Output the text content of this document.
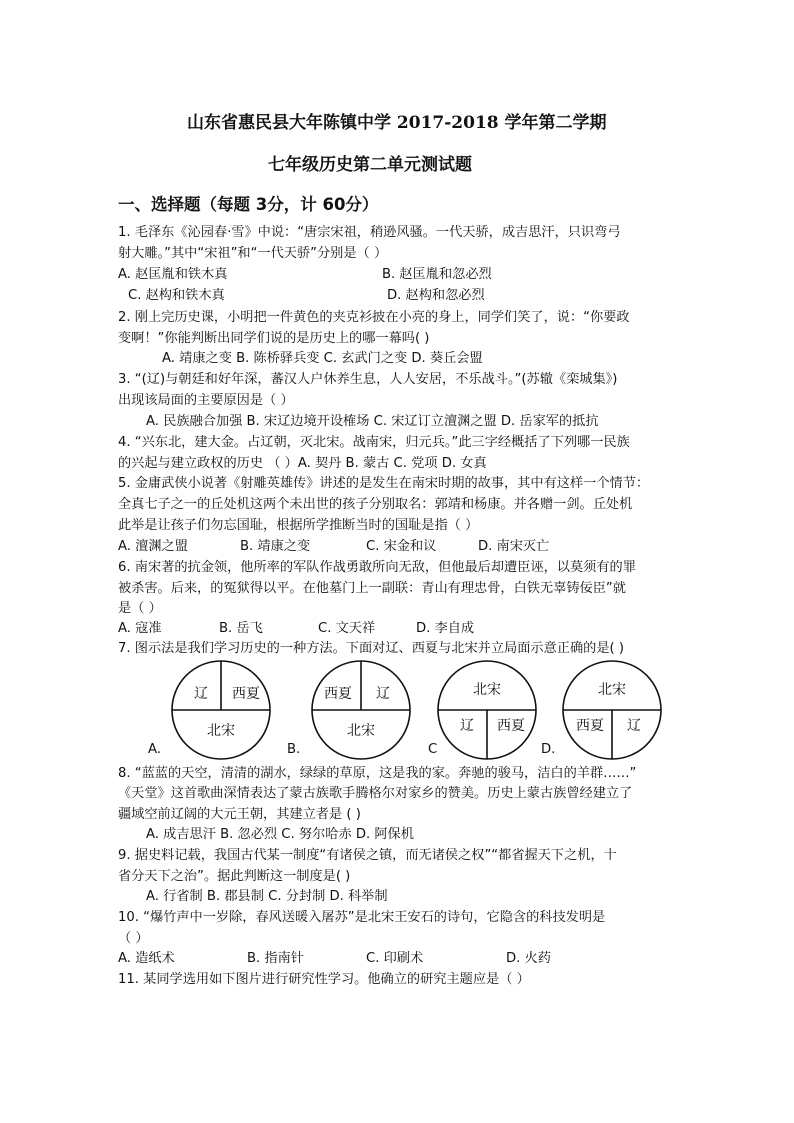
山东省惠民县大年陈镇中学 2017-2018 学年第二学期
七年级历史第二单元测试题
一、选择题（每题 3分，计 60分）
1. 毛泽东《沁园春·雪》中说：“唐宗宋祖，稍逊风骚。一代天骄，成吉思汗，只识弯弓
射大雕。”其中“宋祖”和“一代天骄”分别是（ ）
A. 赵匡胤和铁木真	B. 赵匡胤和忽必烈
C. 赵构和铁木真	D. 赵构和忽必烈
2. 刚上完历史课，小明把一件黄色的夹克衫披在小亮的身上，同学们笑了，说：“你要政
变啊！”你能判断出同学们说的是历史上的哪一幕吗( )
A. 靖康之变 B. 陈桥驿兵变 C. 玄武门之变 D. 葵丘会盟
3. “(辽)与朝廷和好年深，蕃汉人户休养生息，人人安居，不乐战斗。”(苏辙《栾城集》)
出现该局面的主要原因是（ ）
A. 民族融合加强 B. 宋辽边境开设榷场 C. 宋辽订立澶渊之盟 D. 岳家军的抵抗
4. “兴东北，建大金。占辽朝，灭北宋。战南宋，归元兵。”此三字经概括了下列哪一民族
的兴起与建立政权的历史 （ ）A. 契丹 B. 蒙古 C. 党项 D. 女真
5. 金庸武侠小说著《射雕英雄传》讲述的是发生在南宋时期的故事，其中有这样一个情节：
全真七子之一的丘处机这两个未出世的孩子分别取名：郭靖和杨康。并各赠一剑。丘处机
此举是让孩子们勿忘国耻，根据所学推断当时的国耻是指（ ）
A. 澶渊之盟	B. 靖康之变	C. 宋金和议	D. 南宋灭亡
6. 南宋著的抗金领，他所率的军队作战勇敢所向无敌，但他最后却遭臣诬，以莫须有的罪
被杀害。后来，的冤狱得以平。在他墓门上一副联：青山有理忠骨，白铁无辜铸佞臣”就
是（ ）
A. 寇准	B. 岳飞	C. 文天祥	D. 李自成
7. 图示法是我们学习历史的一种方法。下面对辽、西夏与北宋并立局面示意正确的是( )
辽 西夏
北宋
西夏 辽
北宋
北宋
辽 西夏
北宋
西夏 辽
A.	B.	C	D.
8. “蓝蓝的天空，清清的湖水，绿绿的草原，这是我的家。奔驰的骏马，洁白的羊群……”
《天堂》这首歌曲深情表达了蒙古族歌手腾格尔对家乡的赞美。历史上蒙古族曾经建立了
疆域空前辽阔的大元王朝，其建立者是 ( )
A. 成吉思汗 B. 忽必烈 C. 努尔哈赤 D. 阿保机
9. 据史料记载，我国古代某一制度“有诸侯之镇，而无诸侯之权”“都省握天下之机，十
省分天下之治”。据此判断这一制度是( )
A. 行省制 B. 郡县制 C. 分封制 D. 科举制
10. “爆竹声中一岁除，春风送暖入屠苏”是北宋王安石的诗句，它隐含的科技发明是
（ ）
A. 造纸术	B. 指南针	C. 印刷术	D. 火药
11. 某同学选用如下图片进行研究性学习。他确立的研究主题应是（ ）
